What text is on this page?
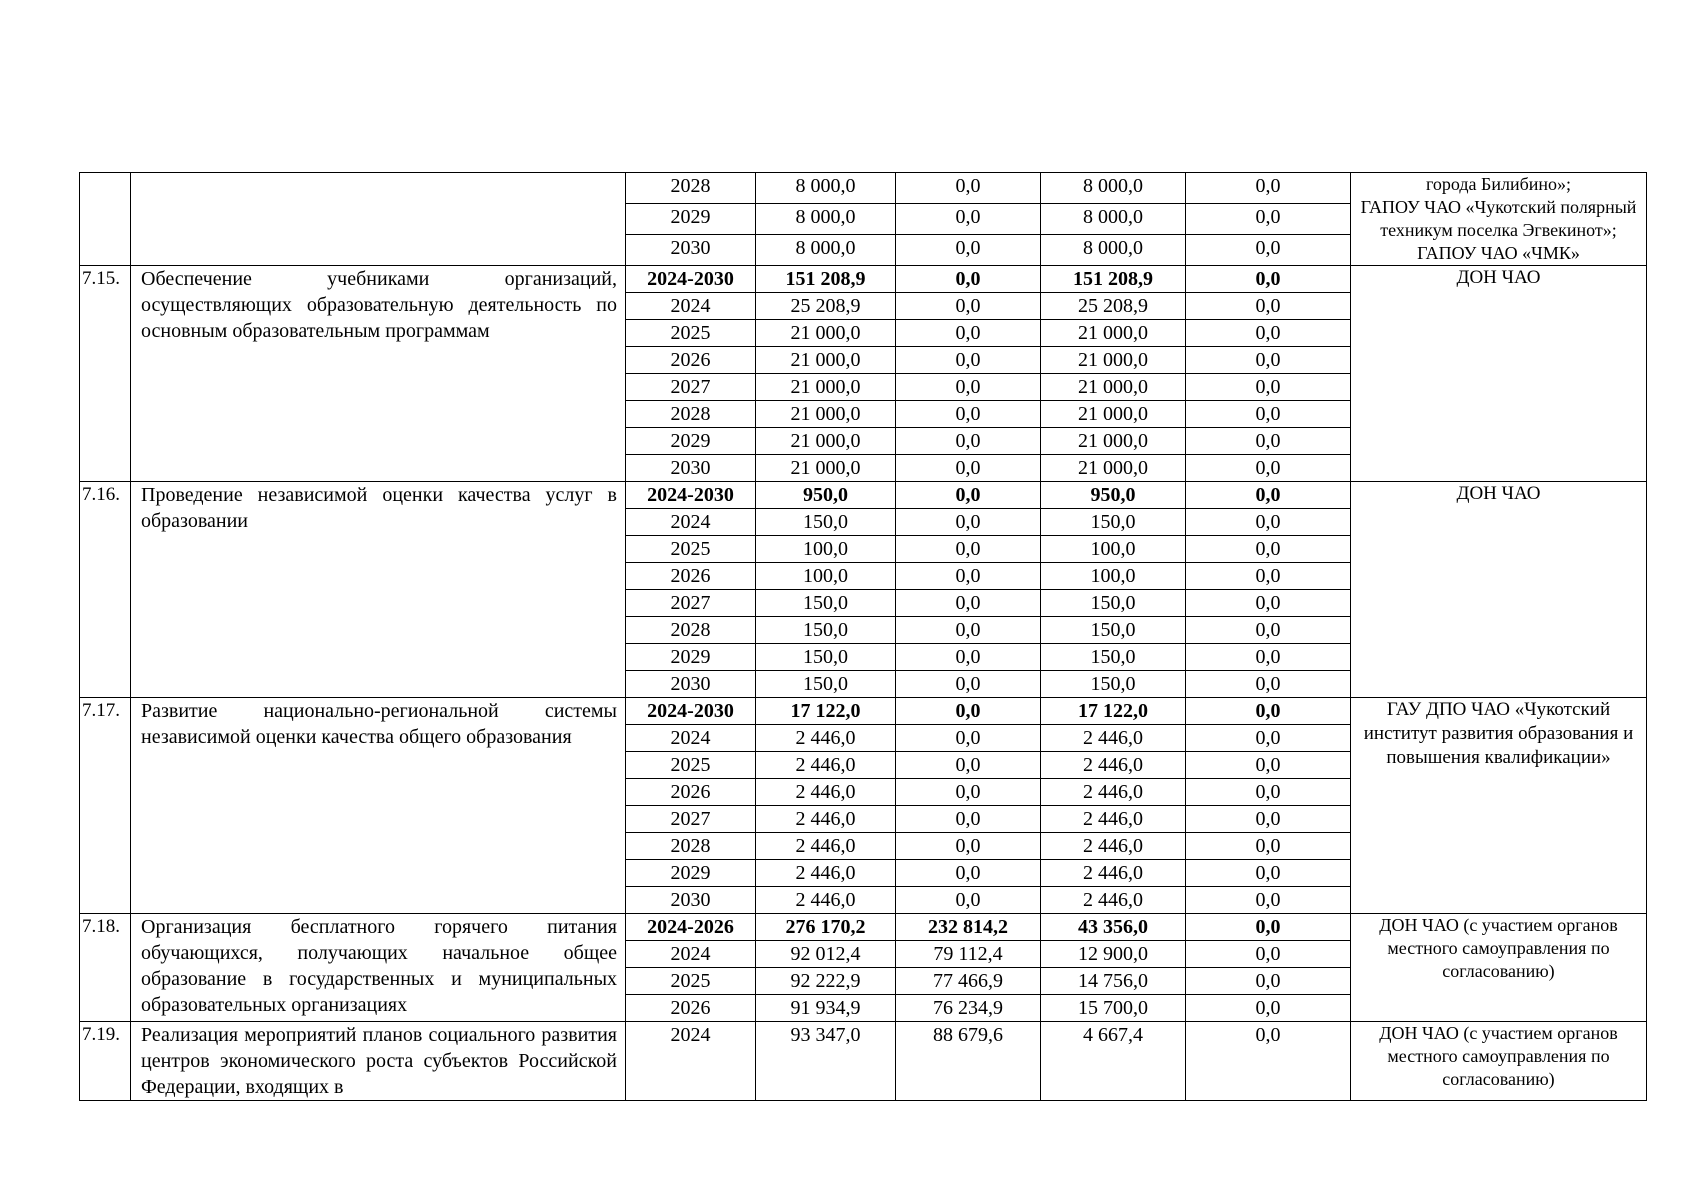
		2028	8 000,0	0,0	8 000,0	0,0	города Билибино»;
ГАПОУ ЧАО «Чукотский полярный техникум поселка Эгвекинот»;
ГАПОУ ЧАО «ЧМК»
		2029	8 000,0	0,0	8 000,0	0,0	
		2030	8 000,0	0,0	8 000,0	0,0	
7.15.	Обеспечение учебниками организаций, осуществляющих образовательную деятельность по основным образовательным программам	2024-2030	151 208,9	0,0	151 208,9	0,0	ДОН ЧАО
		2024	25 208,9	0,0	25 208,9	0,0	
		2025	21 000,0	0,0	21 000,0	0,0	
		2026	21 000,0	0,0	21 000,0	0,0	
		2027	21 000,0	0,0	21 000,0	0,0	
		2028	21 000,0	0,0	21 000,0	0,0	
		2029	21 000,0	0,0	21 000,0	0,0	
		2030	21 000,0	0,0	21 000,0	0,0	
7.16.	Проведение независимой оценки качества услуг в образовании	2024-2030	950,0	0,0	950,0	0,0	ДОН ЧАО
		2024	150,0	0,0	150,0	0,0	
		2025	100,0	0,0	100,0	0,0	
		2026	100,0	0,0	100,0	0,0	
		2027	150,0	0,0	150,0	0,0	
		2028	150,0	0,0	150,0	0,0	
		2029	150,0	0,0	150,0	0,0	
		2030	150,0	0,0	150,0	0,0	
7.17.	Развитие национально-региональной системы независимой оценки качества общего образования	2024-2030	17 122,0	0,0	17 122,0	0,0	ГАУ ДПО ЧАО «Чукотский институт развития образования и повышения квалификации»
		2024	2 446,0	0,0	2 446,0	0,0	
		2025	2 446,0	0,0	2 446,0	0,0	
		2026	2 446,0	0,0	2 446,0	0,0	
		2027	2 446,0	0,0	2 446,0	0,0	
		2028	2 446,0	0,0	2 446,0	0,0	
		2029	2 446,0	0,0	2 446,0	0,0	
		2030	2 446,0	0,0	2 446,0	0,0	
7.18.	Организация бесплатного горячего питания обучающихся, получающих начальное общее образование в государственных и муниципальных образовательных организациях	2024-2026	276 170,2	232 814,2	43 356,0	0,0	ДОН ЧАО (с участием органов местного самоуправления по согласованию)
		2024	92 012,4	79 112,4	12 900,0	0,0	
		2025	92 222,9	77 466,9	14 756,0	0,0	
		2026	91 934,9	76 234,9	15 700,0	0,0	
7.19.	Реализация мероприятий планов социального развития центров экономического роста субъектов Российской Федерации, входящих в	2024	93 347,0	88 679,6	4 667,4	0,0	ДОН ЧАО (с участием органов местного самоуправления по согласованию)
